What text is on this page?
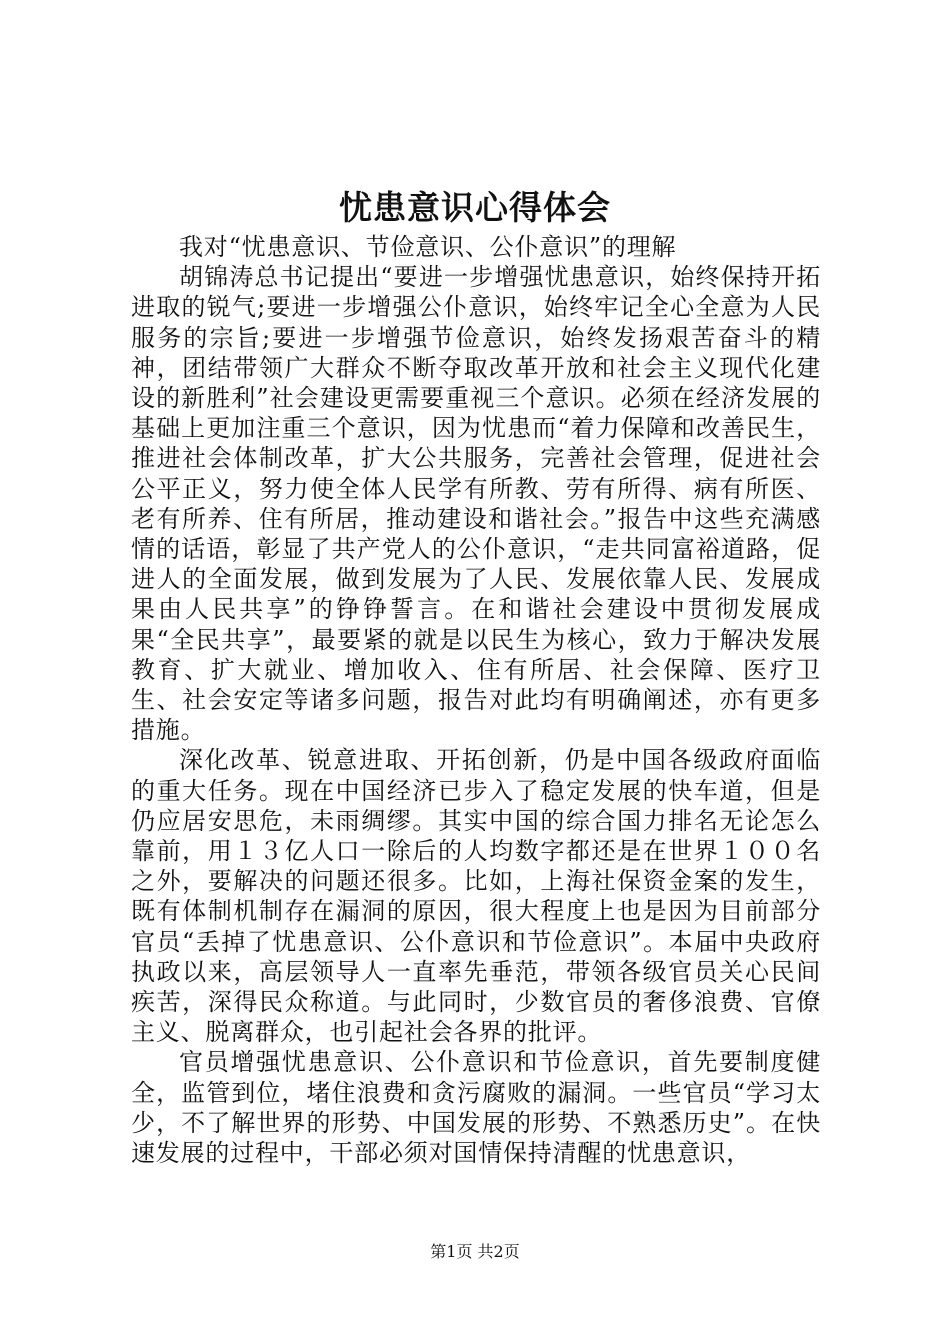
忧患意识心得体会

我对“忧患意识、节俭意识、公仆意识”的理解

胡锦涛总书记提出“要进一步增强忧患意识，始终保持开拓进取的锐气;要进一步增强公仆意识，始终牢记全心全意为人民服务的宗旨;要进一步增强节俭意识，始终发扬艰苦奋斗的精神，团结带领广大群众不断夺取改革开放和社会主义现代化建设的新胜利”社会建设更需要重视三个意识。必须在经济发展的基础上更加注重三个意识，因为忧患而“着力保障和改善民生，推进社会体制改革，扩大公共服务，完善社会管理，促进社会公平正义，努力使全体人民学有所教、劳有所得、病有所医、老有所养、住有所居，推动建设和谐社会。”报告中这些充满感情的话语，彰显了共产党人的公仆意识，“走共同富裕道路，促进人的全面发展，做到发展为了人民、发展依靠人民、发展成果由人民共享”的铮铮誓言。在和谐社会建设中贯彻发展成果“全民共享”，最要紧的就是以民生为核心，致力于解决发展教育、扩大就业、增加收入、住有所居、社会保障、医疗卫生、社会安定等诸多问题，报告对此均有明确阐述，亦有更多措施。

深化改革、锐意进取、开拓创新，仍是中国各级政府面临的重大任务。现在中国经济已步入了稳定发展的快车道，但是仍应居安思危，未雨绸缪。其实中国的综合国力排名无论怎么靠前，用１３亿人口一除后的人均数字都还是在世界１００名之外，要解决的问题还很多。比如，上海社保资金案的发生，既有体制机制存在漏洞的原因，很大程度上也是因为目前部分官员“丢掉了忧患意识、公仆意识和节俭意识”。本届中央政府执政以来，高层领导人一直率先垂范，带领各级官员关心民间疾苦，深得民众称道。与此同时，少数官员的奢侈浪费、官僚主义、脱离群众，也引起社会各界的批评。

官员增强忧患意识、公仆意识和节俭意识，首先要制度健全，监管到位，堵住浪费和贪污腐败的漏洞。一些官员“学习太少，不了解世界的形势、中国发展的形势、不熟悉历史”。在快速发展的过程中，干部必须对国情保持清醒的忧患意识，

第1页 共2页
